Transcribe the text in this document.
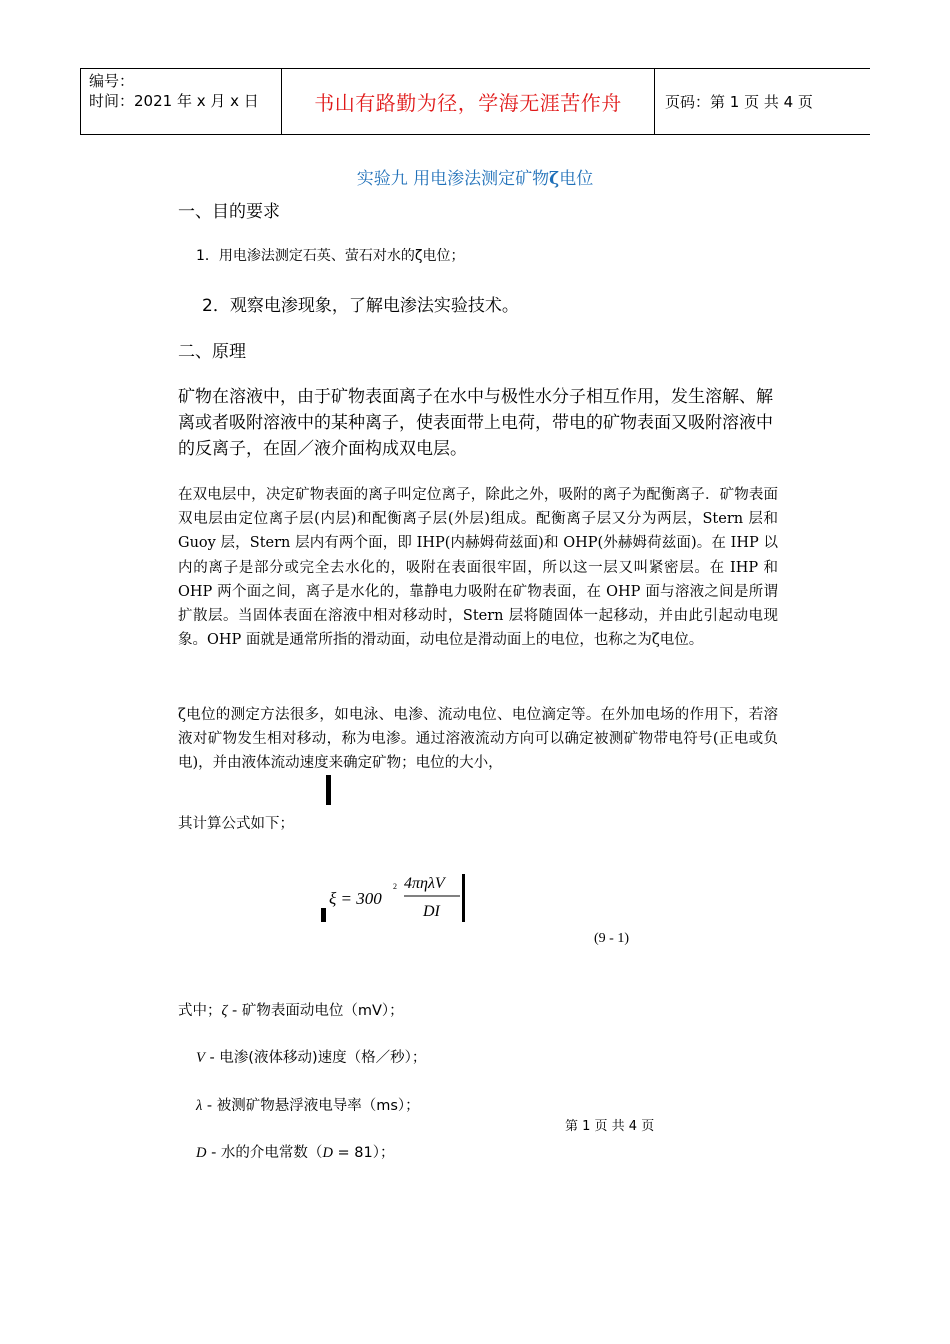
编号：
时间：2021 年 x 月 x 日	书山有路勤为径，学海无涯苦作舟	页码：第 1 页 共 4 页
实验九 用电渗法测定矿物ζ电位
一、目的要求
1．用电渗法测定石英、萤石对水的ζ电位；
2．观察电渗现象，了解电渗法实验技术。
二、原理
矿物在溶液中，由于矿物表面离子在水中与极性水分子相互作用，发生溶解、解离或者吸附溶液中的某种离子，使表面带上电荷，带电的矿物表面又吸附溶液中的反离子，在固／液介面构成双电层。
在双电层中，决定矿物表面的离子叫定位离子，除此之外，吸附的离子为配衡离子．矿物表面双电层由定位离子层(内层)和配衡离子层(外层)组成。配衡离子层又分为两层，Stern 层和 Guoy 层，Stern 层内有两个面，即 IHP(内赫姆荷兹面)和 OHP(外赫姆荷兹面)。在 IHP 以内的离子是部分或完全去水化的，吸附在表面很牢固，所以这一层又叫紧密层。在 IHP 和 OHP 两个面之间，离子是水化的，靠静电力吸附在矿物表面，在 OHP 面与溶液之间是所谓扩散层。当固体表面在溶液中相对移动时，Stern 层将随固体一起移动，并由此引起动电现象。OHP 面就是通常所指的滑动面，动电位是滑动面上的电位，也称之为ζ电位。
ζ电位的测定方法很多，如电泳、电渗、流动电位、电位滴定等。在外加电场的作用下，若溶液对矿物发生相对移动，称为电渗。通过溶液流动方向可以确定被测矿物带电符号(正电或负电)，并由液体流动速度来确定矿物；电位的大小，
其计算公式如下；
ξ = 300
2 4πηλV
DI
(9 - 1)
式中；ζ - 矿物表面动电位（mV）；
V - 电渗(液体移动)速度（格／秒）；
λ - 被测矿物悬浮液电导率（ms）；
D - 水的介电常数（D = 81）；
第 1 页 共 4 页
